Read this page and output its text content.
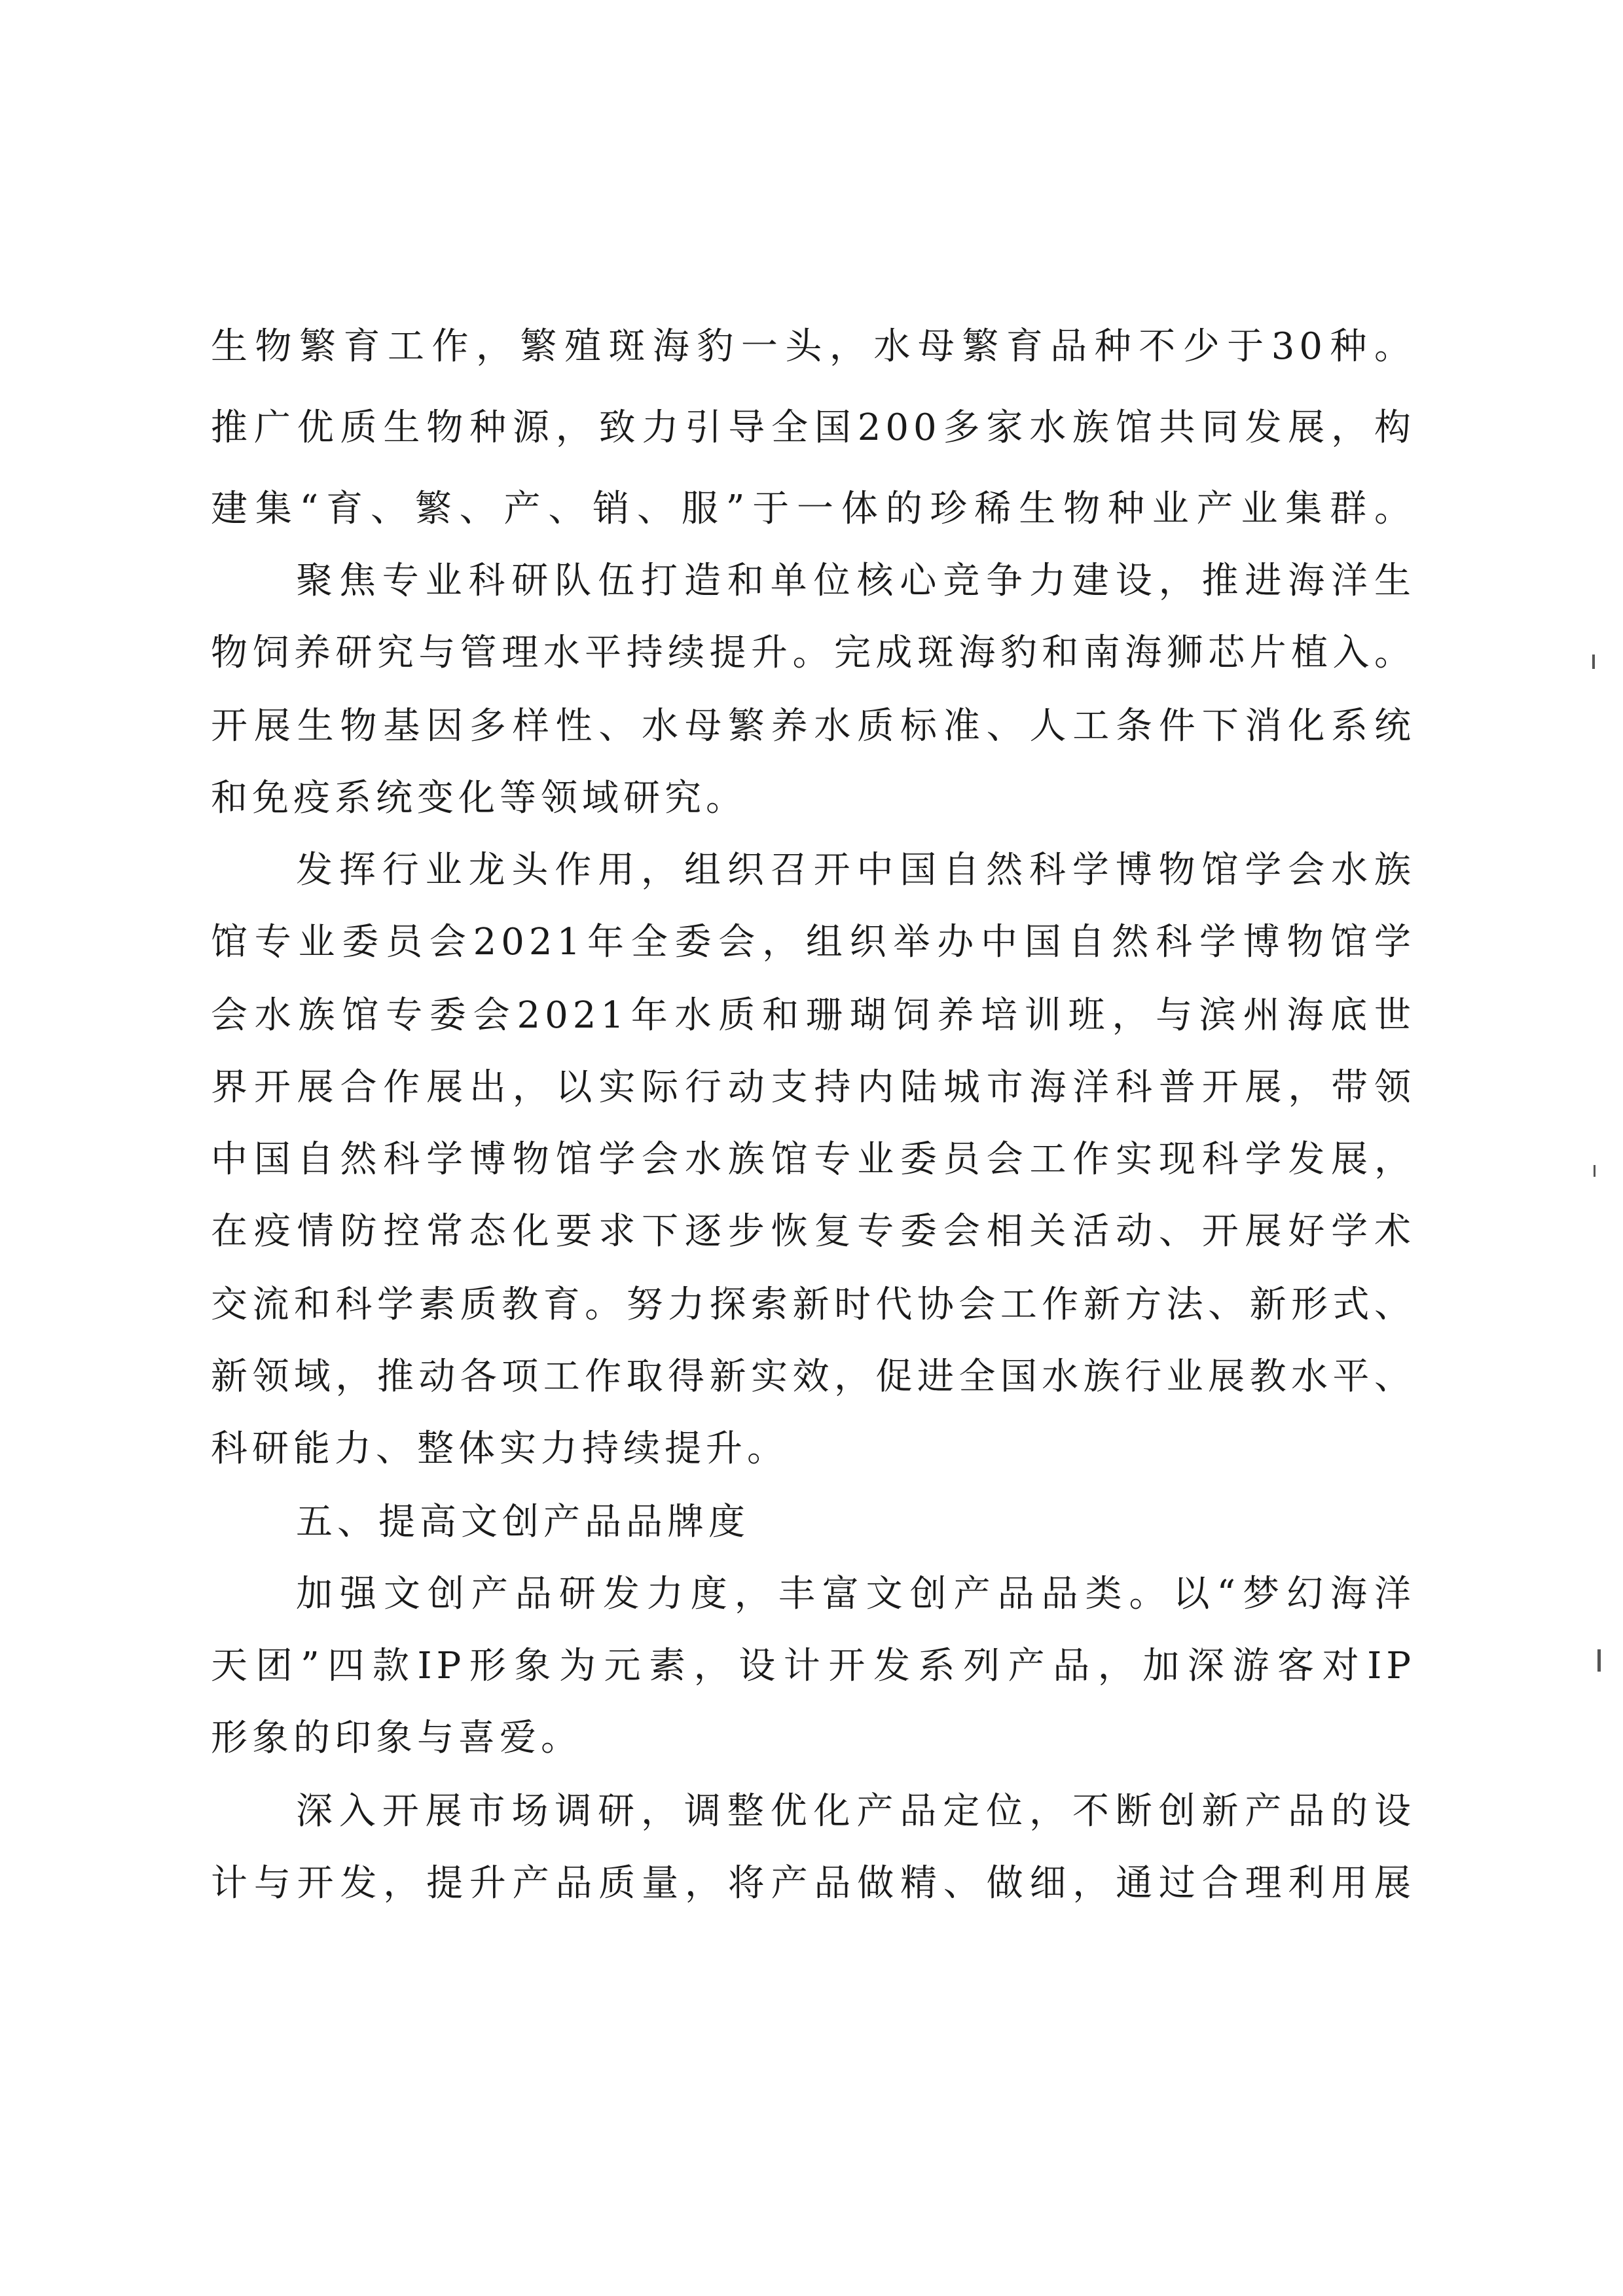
生物繁育工作，繁殖斑海豹一头，水母繁育品种不少于30种。
推广优质生物种源，致力引导全国200多家水族馆共同发展，构
建集“育、繁、产、销、服”于一体的珍稀生物种业产业集群。
聚焦专业科研队伍打造和单位核心竞争力建设，推进海洋生
物饲养研究与管理水平持续提升。完成斑海豹和南海狮芯片植入。
开展生物基因多样性、水母繁养水质标准、人工条件下消化系统
和免疫系统变化等领域研究。
发挥行业龙头作用，组织召开中国自然科学博物馆学会水族
馆专业委员会2021年全委会，组织举办中国自然科学博物馆学
会水族馆专委会2021年水质和珊瑚饲养培训班，与滨州海底世
界开展合作展出，以实际行动支持内陆城市海洋科普开展，带领
中国自然科学博物馆学会水族馆专业委员会工作实现科学发展，
在疫情防控常态化要求下逐步恢复专委会相关活动、开展好学术
交流和科学素质教育。努力探索新时代协会工作新方法、新形式、
新领域，推动各项工作取得新实效，促进全国水族行业展教水平、
科研能力、整体实力持续提升。
五、提高文创产品品牌度
加强文创产品研发力度，丰富文创产品品类。以“梦幻海洋
天团”四款IP形象为元素，设计开发系列产品，加深游客对IP
形象的印象与喜爱。
深入开展市场调研，调整优化产品定位，不断创新产品的设
计与开发，提升产品质量，将产品做精、做细，通过合理利用展
